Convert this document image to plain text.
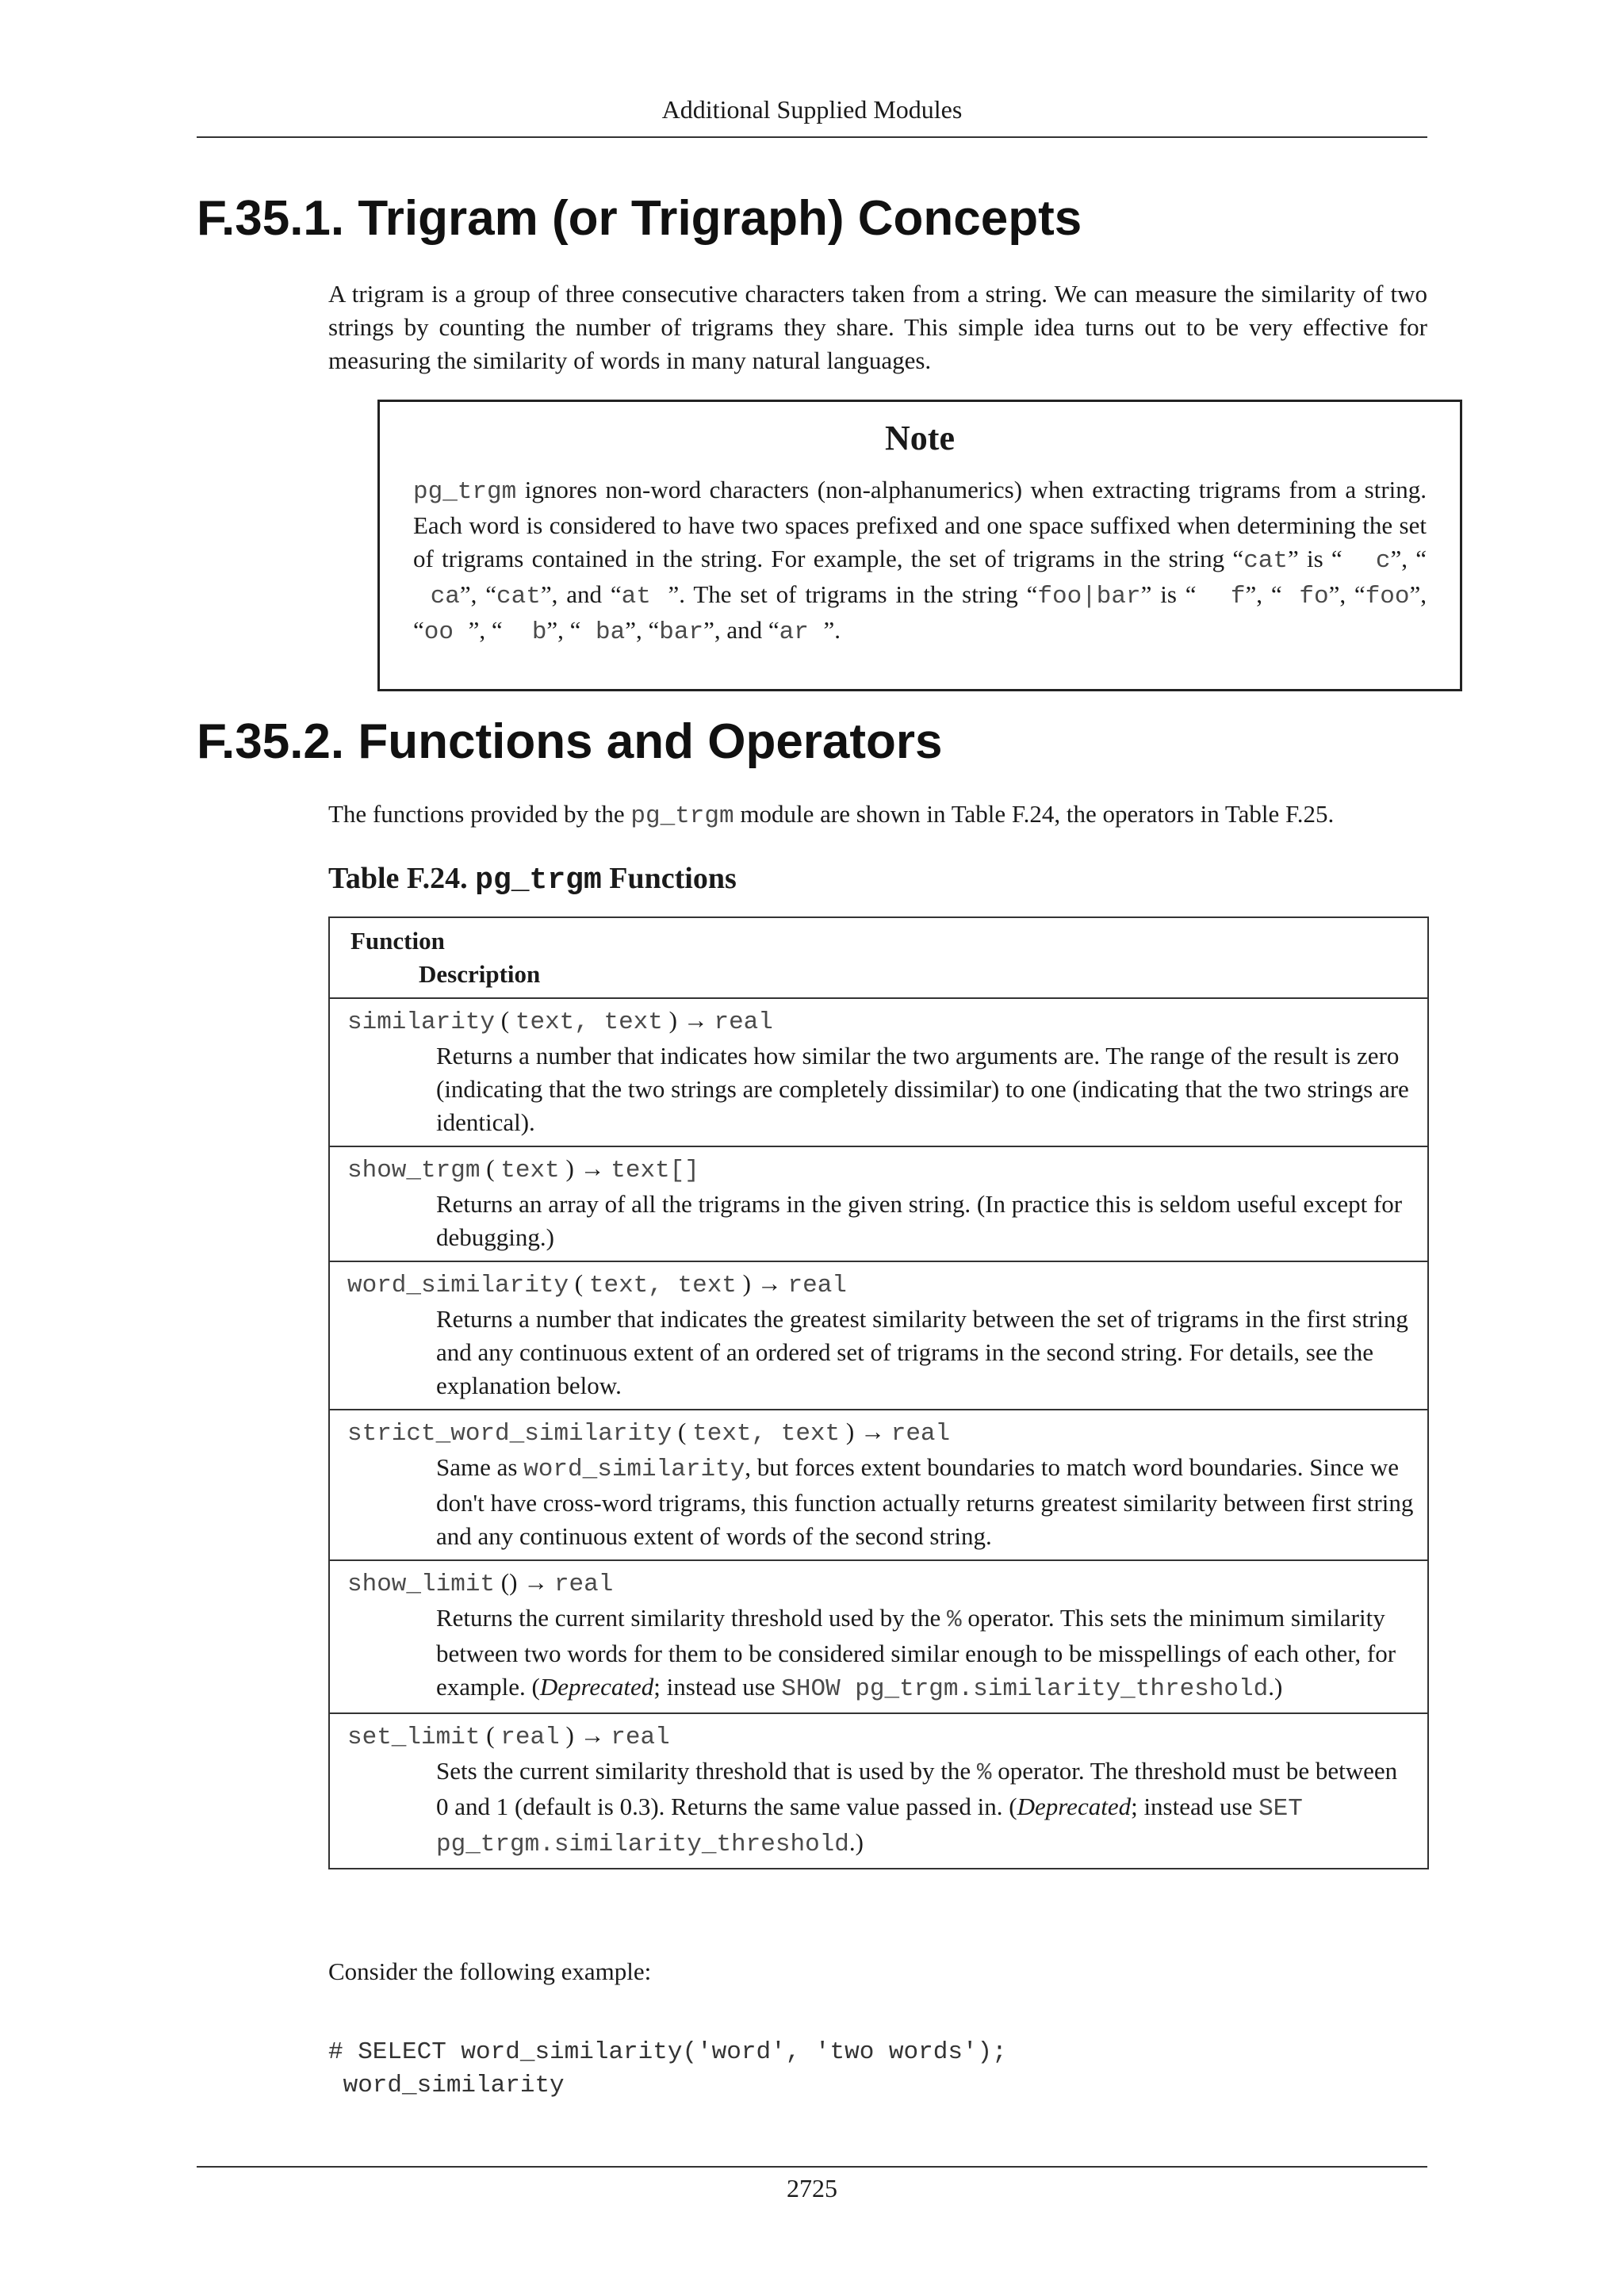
Additional Supplied Modules
F.35.1. Trigram (or Trigraph) Concepts

A trigram is a group of three consecutive characters taken from a string. We can measure the similarity of two strings by counting the number of trigrams they share. This simple idea turns out to be very effective for measuring the similarity of words in many natural languages.

Note

pg_trgm ignores non-word characters (non-alphanumerics) when extracting trigrams from a string. Each word is considered to have two spaces prefixed and one space suffixed when determining the set of trigrams contained in the string. For example, the set of trigrams in the string “cat” is “  c”, “ ca”, “cat”, and “at ”. The set of trigrams in the string “foo|bar” is “  f”, “ fo”, “foo”, “oo ”, “  b”, “ ba”, “bar”, and “ar ”.

F.35.2. Functions and Operators

The functions provided by the pg_trgm module are shown in Table F.24, the operators in Table F.25.

Table F.24. pg_trgm Functions
Function
Description

similarity ( text, text ) → real
Returns a number that indicates how similar the two arguments are. The range of the result is zero (indicating that the two strings are completely dissimilar) to one (indicating that the two strings are identical).

show_trgm ( text ) → text[]
Returns an array of all the trigrams in the given string. (In practice this is seldom useful except for debugging.)

word_similarity ( text, text ) → real
Returns a number that indicates the greatest similarity between the set of trigrams in the first string and any continuous extent of an ordered set of trigrams in the second string. For details, see the explanation below.

strict_word_similarity ( text, text ) → real
Same as word_similarity, but forces extent boundaries to match word boundaries. Since we don't have cross-word trigrams, this function actually returns greatest similarity between first string and any continuous extent of words of the second string.

show_limit () → real
Returns the current similarity threshold used by the % operator. This sets the minimum similarity between two words for them to be considered similar enough to be misspellings of each other, for example. (Deprecated; instead use SHOW pg_trgm.similarity_threshold.)

set_limit ( real ) → real
Sets the current similarity threshold that is used by the % operator. The threshold must be between 0 and 1 (default is 0.3). Returns the same value passed in. (Deprecated; instead use SET pg_trgm.similarity_threshold.)

Consider the following example:

# SELECT word_similarity('word', 'two words');
word_similarity
2725
